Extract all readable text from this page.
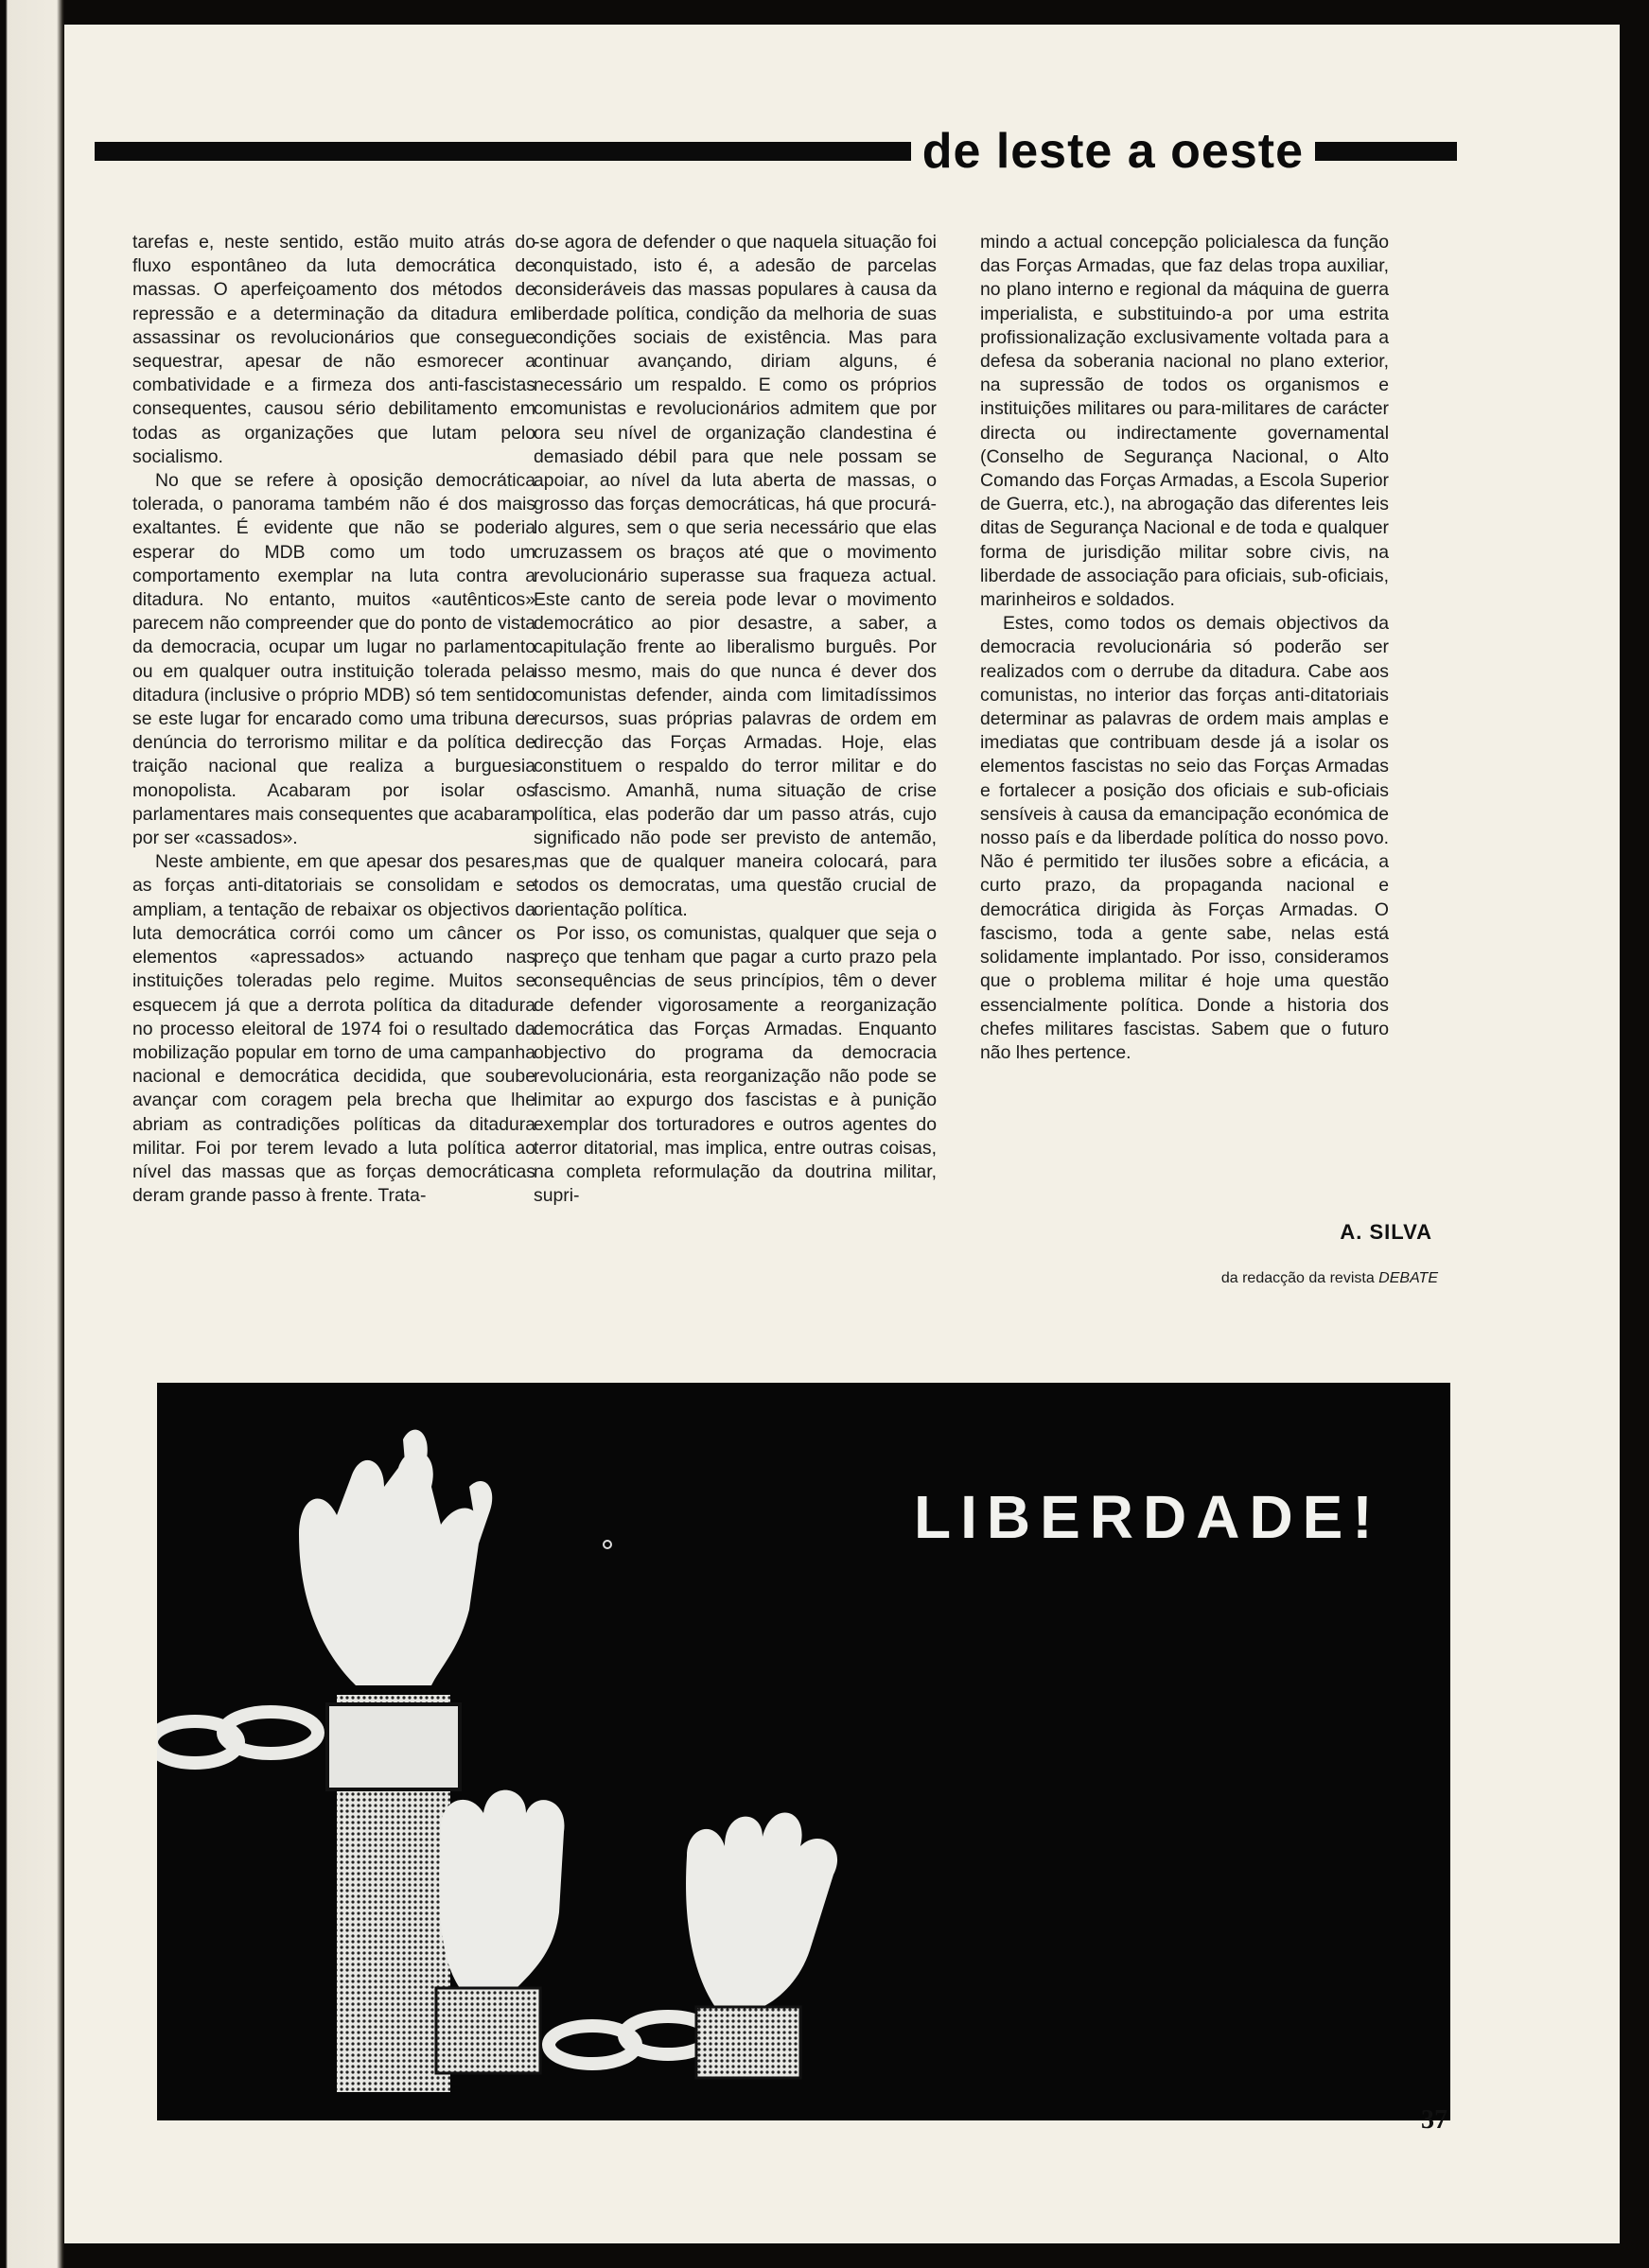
de leste a oeste

tarefas e, neste sentido, estão muito atrás do fluxo espontâneo da luta democrática de massas. O aperfeiçoamento dos métodos de repressão e a determinação da ditadura em assassinar os revolucionários que consegue sequestrar, apesar de não esmorecer a combatividade e a firmeza dos anti-fascistas consequentes, causou sério debilitamento em todas as organizações que lutam pelo socialismo.

No que se refere à oposição democrática tolerada, o panorama também não é dos mais exaltantes. É evidente que não se poderia esperar do MDB como um todo um comportamento exemplar na luta contra a ditadura. No entanto, muitos «autênticos» parecem não compreender que do ponto de vista da democracia, ocupar um lugar no parlamento ou em qualquer outra instituição tolerada pela ditadura (inclusive o próprio MDB) só tem sentido se este lugar for encarado como uma tribuna de denúncia do terrorismo militar e da política de traição nacional que realiza a burguesia monopolista. Acabaram por isolar os parlamentares mais consequentes que acabaram por ser «cassados».

Neste ambiente, em que apesar dos pesares, as forças anti-ditatoriais se consolidam e se ampliam, a tentação de rebaixar os objectivos da luta democrática corrói como um câncer os elementos «apressados» actuando nas instituições toleradas pelo regime. Muitos se esquecem já que a derrota política da ditadura no processo eleitoral de 1974 foi o resultado da mobilização popular em torno de uma campanha nacional e democrática decidida, que soube avançar com coragem pela brecha que lhe abriam as contradições políticas da ditadura militar. Foi por terem levado a luta política ao nível das massas que as forças democráticas deram grande passo à frente. Trata-

-se agora de defender o que naquela situação foi conquistado, isto é, a adesão de parcelas consideráveis das massas populares à causa da liberdade política, condição da melhoria de suas condições sociais de existência. Mas para continuar avançando, diriam alguns, é necessário um respaldo. E como os próprios comunistas e revolucionários admitem que por ora seu nível de organização clandestina é demasiado débil para que nele possam se apoiar, ao nível da luta aberta de massas, o grosso das forças democráticas, há que procurá-lo algures, sem o que seria necessário que elas cruzassem os braços até que o movimento revolucionário superasse sua fraqueza actual. Este canto de sereia pode levar o movimento democrático ao pior desastre, a saber, a capitulação frente ao liberalismo burguês. Por isso mesmo, mais do que nunca é dever dos comunistas defender, ainda com limitadíssimos recursos, suas próprias palavras de ordem em direcção das Forças Armadas. Hoje, elas constituem o respaldo do terror militar e do fascismo. Amanhã, numa situação de crise política, elas poderão dar um passo atrás, cujo significado não pode ser previsto de antemão, mas que de qualquer maneira colocará, para todos os democratas, uma questão crucial de orientação política.

Por isso, os comunistas, qualquer que seja o preço que tenham que pagar a curto prazo pela consequências de seus princípios, têm o dever de defender vigorosamente a reorganização democrática das Forças Armadas. Enquanto objectivo do programa da democracia revolucionária, esta reorganização não pode se limitar ao expurgo dos fascistas e à punição exemplar dos torturadores e outros agentes do terror ditatorial, mas implica, entre outras coisas, na completa reformulação da doutrina militar, supri-

mindo a actual concepção policialesca da função das Forças Armadas, que faz delas tropa auxiliar, no plano interno e regional da máquina de guerra imperialista, e substituindo-a por uma estrita profissionalização exclusivamente voltada para a defesa da soberania nacional no plano exterior, na supressão de todos os organismos e instituições militares ou para-militares de carácter directa ou indirectamente governamental (Conselho de Segurança Nacional, o Alto Comando das Forças Armadas, a Escola Superior de Guerra, etc.), na abrogação das diferentes leis ditas de Segurança Nacional e de toda e qualquer forma de jurisdição militar sobre civis, na liberdade de associação para oficiais, sub-oficiais, marinheiros e soldados.

Estes, como todos os demais objectivos da democracia revolucionária só poderão ser realizados com o derrube da ditadura. Cabe aos comunistas, no interior das forças anti-ditatoriais determinar as palavras de ordem mais amplas e imediatas que contribuam desde já a isolar os elementos fascistas no seio das Forças Armadas e fortalecer a posição dos oficiais e sub-oficiais sensíveis à causa da emancipação económica de nosso país e da liberdade política do nosso povo. Não é permitido ter ilusões sobre a eficácia, a curto prazo, da propaganda nacional e democrática dirigida às Forças Armadas. O fascismo, toda a gente sabe, nelas está solidamente implantado. Por isso, consideramos que o problema militar é hoje uma questão essencialmente política. Donde a historia dos chefes militares fascistas. Sabem que o futuro não lhes pertence.

A. SILVA
da redacção da revista DEBATE
LIBERDADE!
37
